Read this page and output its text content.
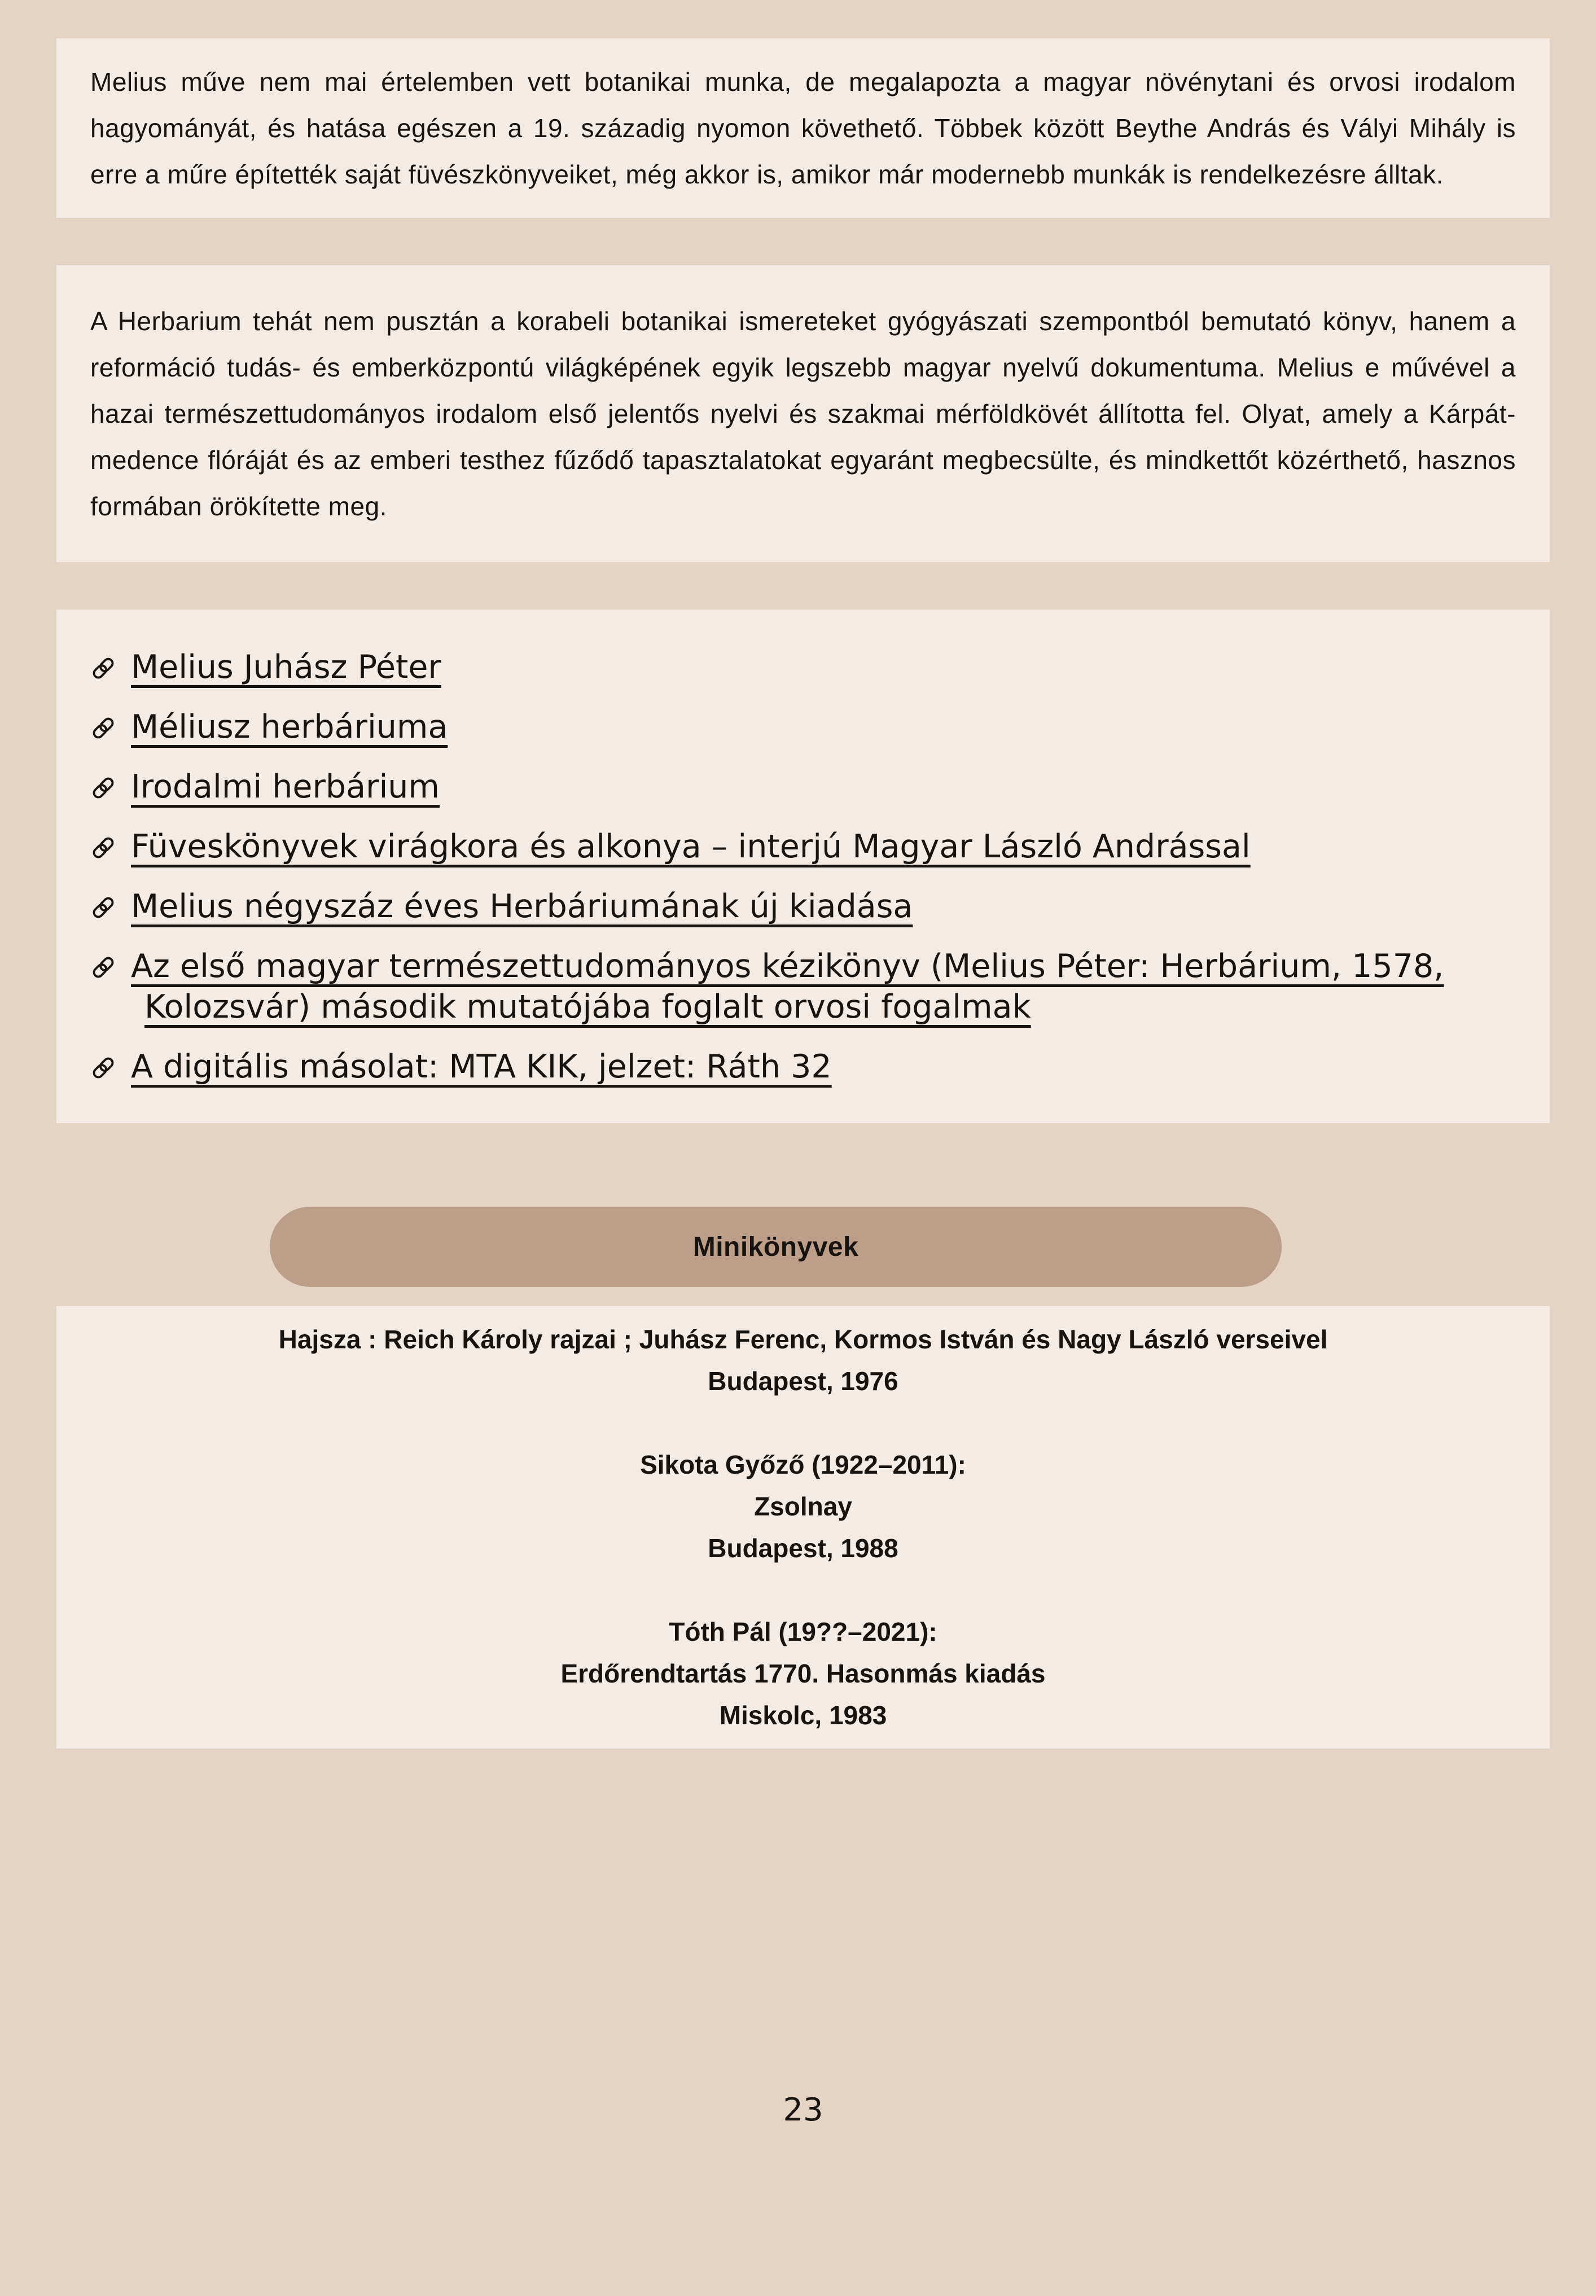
Melius műve nem mai értelemben vett botanikai munka, de megalapozta a magyar növénytani és orvosi irodalom hagyományát, és hatása egészen a 19. századig nyomon követhető. Többek között Beythe András és Vályi Mihály is erre a műre építették saját füvészkönyveiket, még akkor is, amikor már modernebb munkák is rendelkezésre álltak.

A Herbarium tehát nem pusztán a korabeli botanikai ismereteket gyógyászati szempontból bemutató könyv, hanem a reformáció tudás- és emberközpontú világképének egyik legszebb magyar nyelvű dokumentuma. Melius e művével a hazai természettudományos irodalom első jelentős nyelvi és szakmai mérföldkövét állította fel. Olyat, amely a Kárpát-medence flóráját és az emberi testhez fűződő tapasztalatokat egyaránt megbecsülte, és mindkettőt közérthető, hasznos formában örökítette meg.

Melius Juhász Péter
Méliusz herbáriuma
Irodalmi herbárium
Füveskönyvek virágkora és alkonya – interjú Magyar László Andrással
Melius négyszáz éves Herbáriumának új kiadása
Az első magyar természettudományos kézikönyv (Melius Péter: Herbárium, 1578, Kolozsvár) második mutatójába foglalt orvosi fogalmak
A digitális másolat: MTA KIK, jelzet: Ráth 32
Minikönyvek

Hajsza : Reich Károly rajzai ; Juhász Ferenc, Kormos István és Nagy László verseivel

Budapest, 1976

Sikota Győző (1922–2011):

Zsolnay

Budapest, 1988

Tóth Pál (19??–2021):

Erdőrendtartás 1770. Hasonmás kiadás

Miskolc, 1983

23
